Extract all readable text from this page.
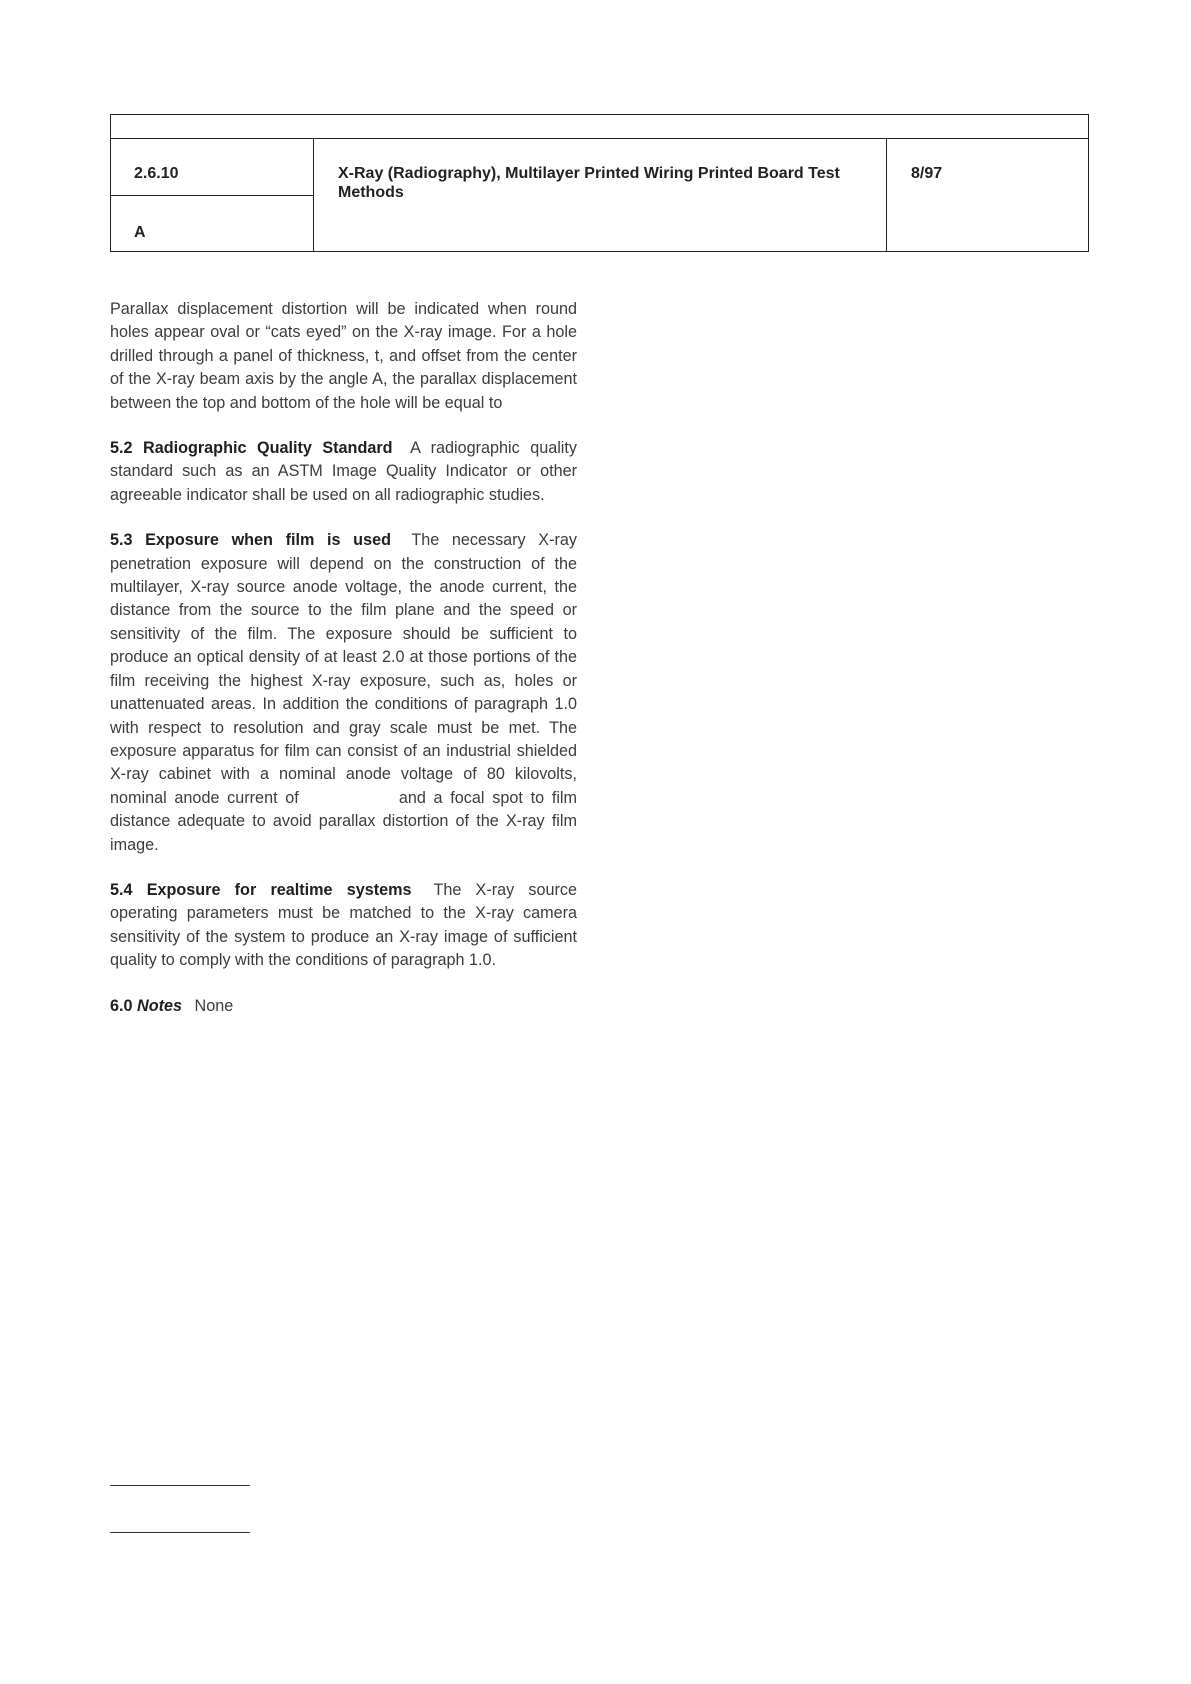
2.6.10
A
X-Ray (Radiography), Multilayer Printed Wiring Printed Board Test Methods
8/97

Parallax displacement distortion will be indicated when round holes appear oval or “cats eyed” on the X-ray image. For a hole drilled through a panel of thickness, t, and offset from the center of the X-ray beam axis by the angle A, the parallax displacement between the top and bottom of the hole will be equal to

5.2 Radiographic Quality Standard A radiographic quality standard such as an ASTM Image Quality Indicator or other agreeable indicator shall be used on all radiographic studies.

5.3 Exposure when film is used The necessary X-ray penetration exposure will depend on the construction of the multilayer, X-ray source anode voltage, the anode current, the distance from the source to the film plane and the speed or sensitivity of the film. The exposure should be sufficient to produce an optical density of at least 2.0 at those portions of the film receiving the highest X-ray exposure, such as, holes or unattenuated areas. In addition the conditions of paragraph 1.0 with respect to resolution and gray scale must be met. The exposure apparatus for film can consist of an industrial shielded X-ray cabinet with a nominal anode voltage of 80 kilovolts, nominal anode current of	and a focal spot to film distance adequate to avoid parallax distortion of the X-ray film image.

5.4 Exposure for realtime systems The X-ray source operating parameters must be matched to the X-ray camera sensitivity of the system to produce an X-ray image of sufficient quality to comply with the conditions of paragraph 1.0.

6.0 Notes None
